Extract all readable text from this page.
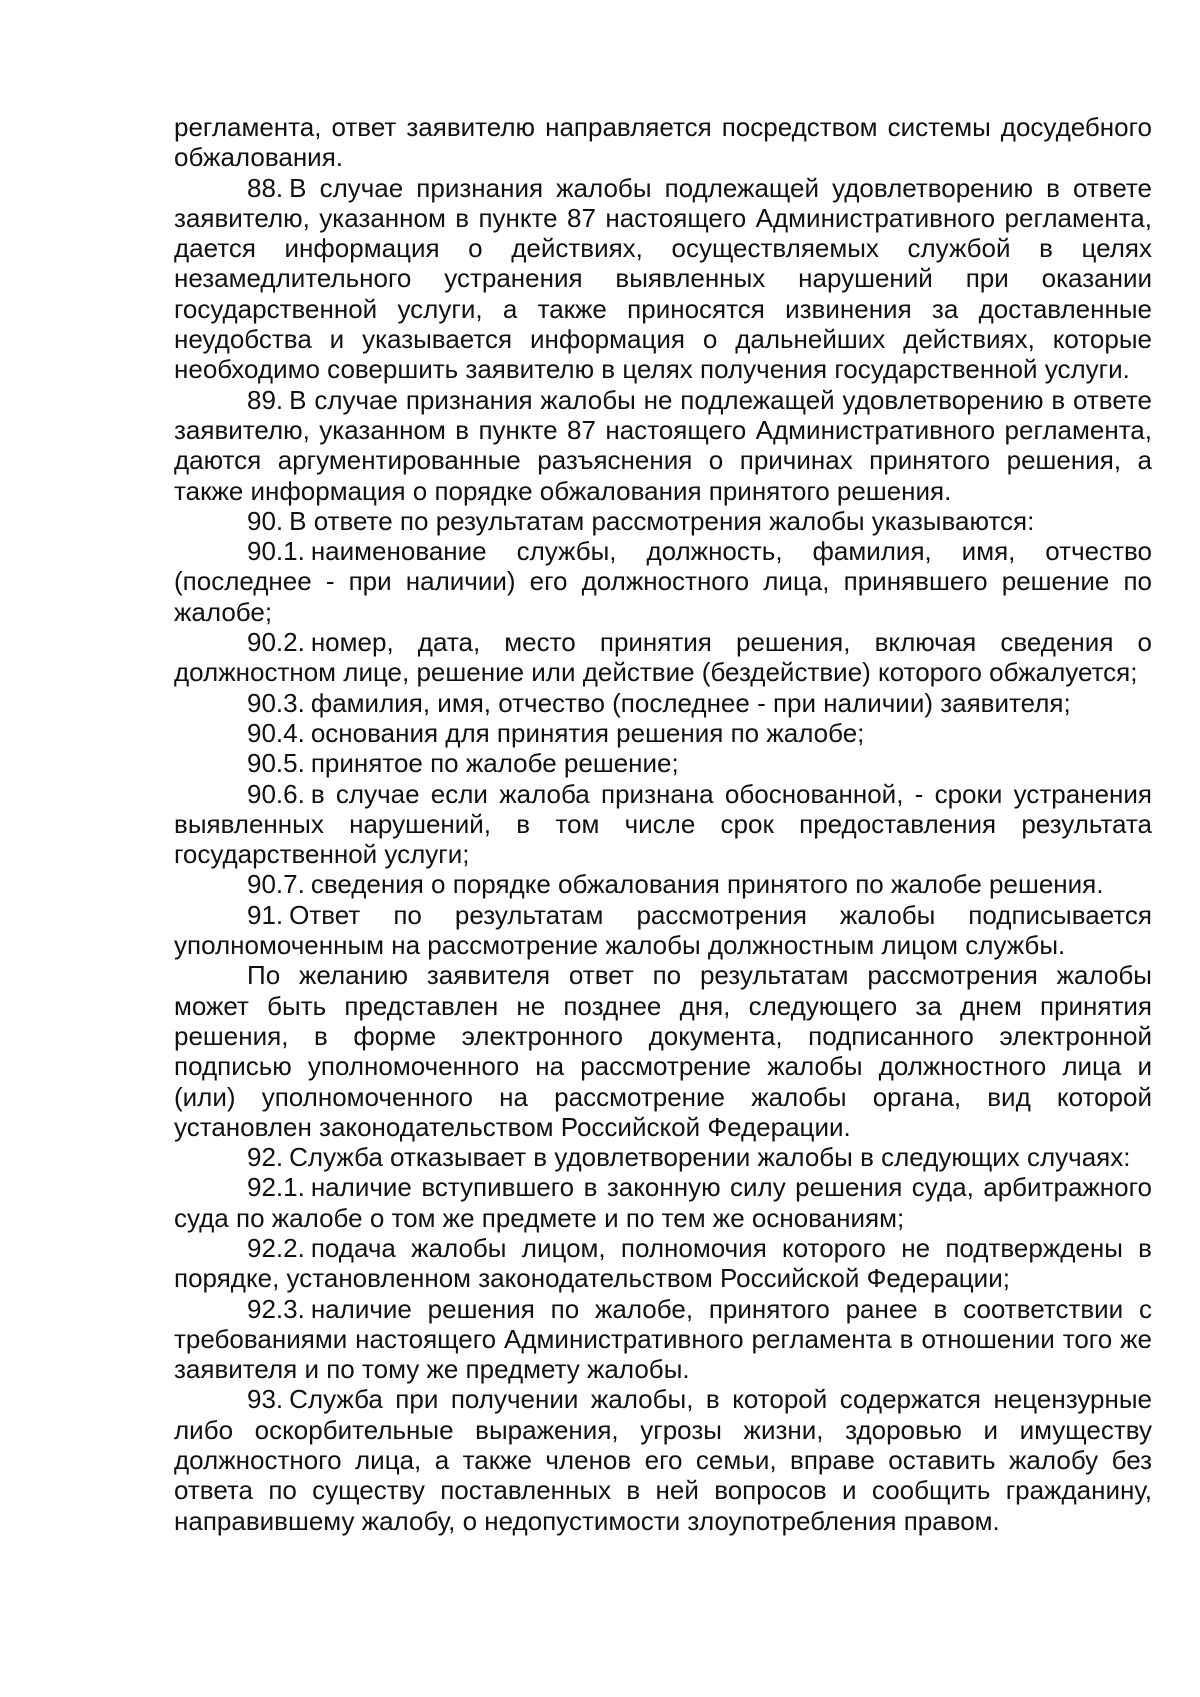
регламента, ответ заявителю направляется посредством системы досудебного обжалования.

88. В случае признания жалобы подлежащей удовлетворению в ответе заявителю, указанном в пункте 87 настоящего Административного регламента, дается информация о действиях, осуществляемых службой в целях незамедлительного устранения выявленных нарушений при оказании государственной услуги, а также приносятся извинения за доставленные неудобства и указывается информация о дальнейших действиях, которые необходимо совершить заявителю в целях получения государственной услуги.

89. В случае признания жалобы не подлежащей удовлетворению в ответе заявителю, указанном в пункте 87 настоящего Административного регламента, даются аргументированные разъяснения о причинах принятого решения, а также информация о порядке обжалования принятого решения.

90. В ответе по результатам рассмотрения жалобы указываются:

90.1. наименование службы, должность, фамилия, имя, отчество (последнее - при наличии) его должностного лица, принявшего решение по жалобе;

90.2. номер, дата, место принятия решения, включая сведения о должностном лице, решение или действие (бездействие) которого обжалуется;

90.3. фамилия, имя, отчество (последнее - при наличии) заявителя;

90.4. основания для принятия решения по жалобе;

90.5. принятое по жалобе решение;

90.6. в случае если жалоба признана обоснованной, - сроки устранения выявленных нарушений, в том числе срок предоставления результата государственной услуги;

90.7. сведения о порядке обжалования принятого по жалобе решения.

91. Ответ по результатам рассмотрения жалобы подписывается уполномоченным на рассмотрение жалобы должностным лицом службы.

По желанию заявителя ответ по результатам рассмотрения жалобы может быть представлен не позднее дня, следующего за днем принятия решения, в форме электронного документа, подписанного электронной подписью уполномоченного на рассмотрение жалобы должностного лица и (или) уполномоченного на рассмотрение жалобы органа, вид которой установлен законодательством Российской Федерации.

92. Служба отказывает в удовлетворении жалобы в следующих случаях:

92.1. наличие вступившего в законную силу решения суда, арбитражного суда по жалобе о том же предмете и по тем же основаниям;

92.2. подача жалобы лицом, полномочия которого не подтверждены в порядке, установленном законодательством Российской Федерации;

92.3. наличие решения по жалобе, принятого ранее в соответствии с требованиями настоящего Административного регламента в отношении того же заявителя и по тому же предмету жалобы.

93. Служба при получении жалобы, в которой содержатся нецензурные либо оскорбительные выражения, угрозы жизни, здоровью и имуществу должностного лица, а также членов его семьи, вправе оставить жалобу без ответа по существу поставленных в ней вопросов и сообщить гражданину, направившему жалобу, о недопустимости злоупотребления правом.
